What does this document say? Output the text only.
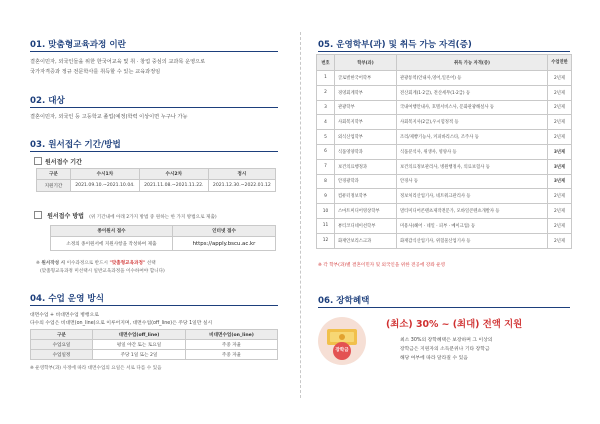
01. 맞춤형교육과정 이란
결혼이민자, 외국인들을 위한 한국어교육 및 취 · 창업 중심의 교과목 운영으로
국가자격증과 정규 전문학사를 취득할 수 있는 교육과정임
02. 대상
결혼이민자, 외국인 등 고등학교 졸업(예정)학력 이상이면 누구나 가능
03. 원서접수 기간/방법
원서접수 기간
구분	수시1차	수시2차	정시
지원기간	2021.09.10.~2021.10.04.	2021.11.08.~2021.11.22.	2021.12.30.~2022.01.12
원서접수 방법 (위 기간내에 아래 2가지 방법 중 원하는 한 가지 방법으로 제출)
종이원서 접수	인터넷 접수
소정의 종이원서에 지원사항을 작성하여 제출	https://apply.bscu.ac.kr
※ 원서작성 시 이수과정으로 반드시 "맞춤형교육과정" 선택
(맞춤형교육과정 미선택시 일반교육과정을 이수하여야 합니다)
04. 수업 운영 방식
대면수업 + 비대면수업 병행으로
다수의 수업은 비대면(on_line)으로 이루어지며, 대면수업(off_line)은 주당 1일만 실시
구분	대면수업(off_line)	비대면수업(on_line)
수업요일	평일 야간 또는 토요일	주중 자율
수업일정	주당 1일 또는 2일	주중 자율
※ 운영학부(과) 사정에 따라 대면수업의 요일은 서로 다를 수 있음
05. 운영학부(과) 및 취득 가능 자격(증)
번호	학부(과)	취득 가능 자격(증)	수업연한
1	글로벌한국어학부	관광통역(안내사,영어,일본어) 등	2년제
2	경영회계학부	전산회계(1·2급), 전산세무(1·2급) 등	2년제
3	관광학부	국내여행안내사, 호텔서비스사, 문화관광해설사 등	2년제
4	사회복지학부	사회복지사(2급),우시험정적 등	2년제
5	외식산업학부	조리/제빵기능사, 커피바리스타, 조주사 등	2년제
6	식품영양학과	식품분석사, 위생사, 영양사 등	3년제
7	보건의료행정과	보건의료정보관리사, 병원행정사, 의료보험사 등	3년제
8	안경광학과	안경사 등	3년제
9	컴퓨터정보학부	정보처리산업기사, 네트워크관리사 등	2년제
10	스마트미디어영상학부	멀티미디어콘텐츠제작전문가, 모바일콘텐츠개발자 등	2년제
11	뷰티코디네이션학부	미용사(헤어 · 네일 · 피부 · 메이크업) 등	2년제
12	화재안보리스크과	화재감식산업기사, 위험물산업기사 등	2년제
※ 각 학부(과)별 결혼이민자 및 외국인을 위한 전공에 강좌 운영
06. 장학혜택
장학금
(최소) 30% ~ (최대) 전액 지원
최소 30%의 장학혜택은 보장하며 그 이상의
장학금은 지원자의 소득분위나 기타 장학금
해당 여부에 따라 달라질 수 있음
